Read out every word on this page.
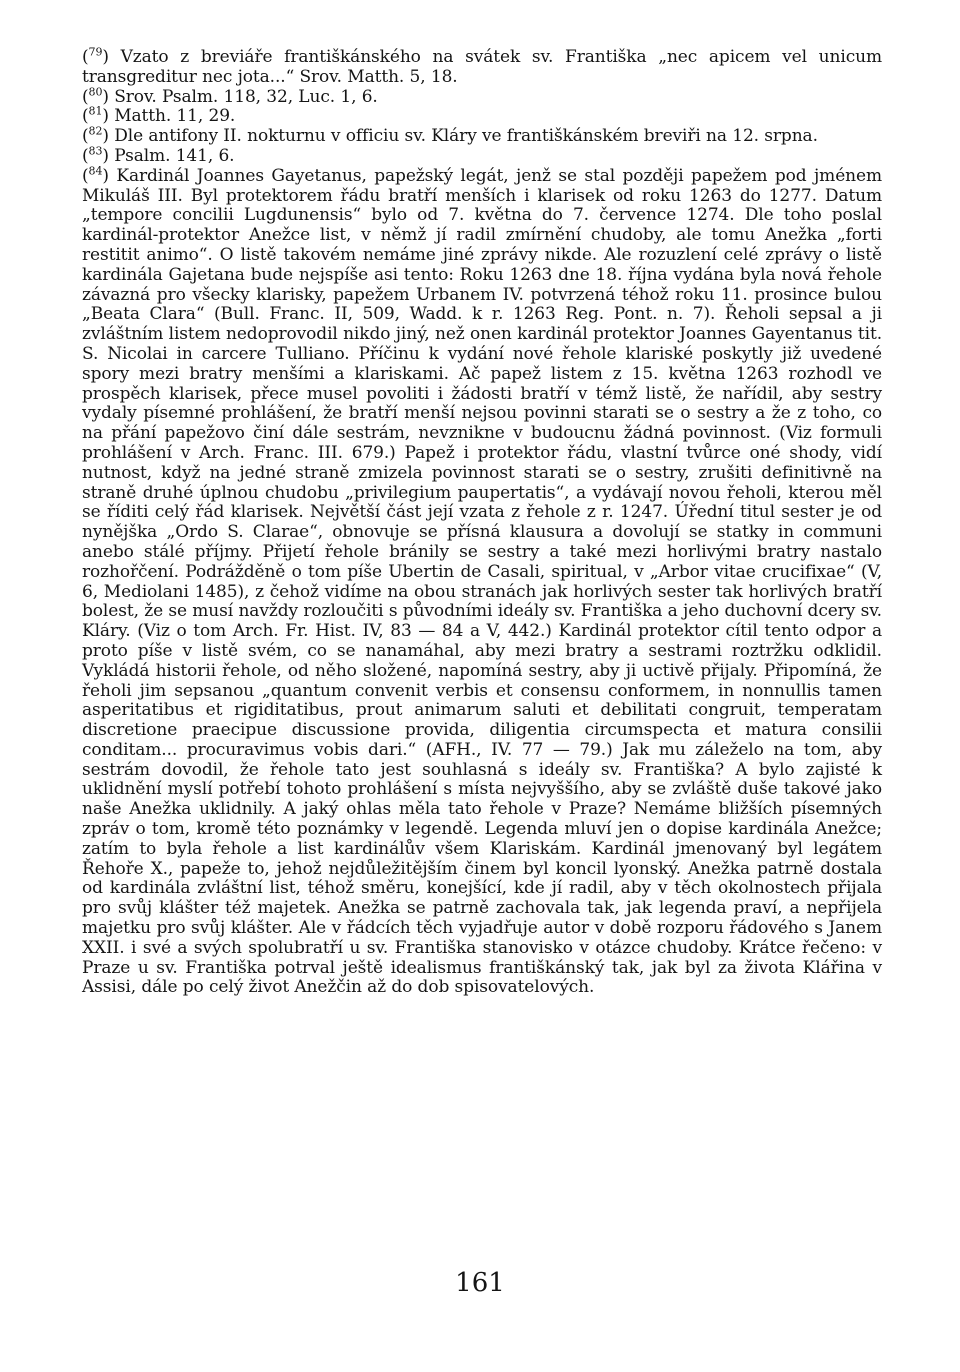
($^{79}$) Vzato z breviáře františkánského na svátek sv. Františka „nec apicem vel unicum transgreditur nec jota...“ Srov. Matth. 5, 18.

($^{80}$) Srov. Psalm. 118, 32, Luc. 1, 6.

($^{81}$) Matth. 11, 29.

($^{82}$) Dle antifony II. nokturnu v officiu sv. Kláry ve františkánském breviři na 12. srpna.

($^{83}$) Psalm. 141, 6.

($^{84}$) Kardinál Joannes Gayetanus, papežský legát, jenž se stal později papežem pod jménem Mikuláš III. Byl protektorem řádu bratří menších i klarisek od roku 1263 do 1277. Datum „tempore concilii Lugdunensis“ bylo od 7. května do 7. července 1274. Dle toho poslal kardinál-protektor Anežce list, v němž jí radil zmírnění chudoby, ale tomu Anežka „forti restitit animo“. O listě takovém nemáme jiné zprávy nikde. Ale rozuzlení celé zprávy o listě kardinála Gajetana bude nejspíše asi tento: Roku 1263 dne 18. října vydána byla nová řehole závazná pro všecky klarisky, papežem Urbanem IV. potvrzená téhož roku 11. prosince bulou „Beata Clara“ (Bull. Franc. II, 509, Wadd. k r. 1263 Reg. Pont. n. 7). Řeholi sepsal a ji zvláštním listem nedoprovodil nikdo jiný, než onen kardinál protektor Joannes Gayentanus tit. S. Nicolai in carcere Tulliano. Příčinu k vydání nové řehole klariské poskytly již uvedené spory mezi bratry menšími a klariskami. Ač papež listem z 15. května 1263 rozhodl ve prospěch klarisek, přece musel povoliti i žádosti bratří v témž listě, že nařídil, aby sestry vydaly písemné prohlášení, že bratří menší nejsou povinni starati se o sestry a že z toho, co na přání papežovo činí dále sestrám, nevznikne v budoucnu žádná povinnost. (Viz formuli prohlášení v Arch. Franc. III. 679.) Papež i protektor řádu, vlastní tvůrce oné shody, vidí nutnost, když na jedné straně zmizela povinnost starati se o sestry, zrušiti definitivně na straně druhé úplnou chudobu „privilegium paupertatis“, a vydávají novou řeholi, kterou měl se říditi celý řád klarisek. Největší část její vzata z řehole z r. 1247. Úřední titul sester je od nynějška „Ordo S. Clarae“, obnovuje se přísná klausura a dovolují se statky in communi anebo stálé příjmy. Přijetí řehole bránily se sestry a také mezi horlivými bratry nastalo rozhořčení. Podrážděně o tom píše Ubertin de Casali, spiritual, v „Arbor vitae crucifixae“ (V, 6, Mediolani 1485), z čehož vidíme na obou stranách jak horlivých sester tak horlivých bratří bolest, že se musí navždy rozloučiti s původními ideály sv. Františka a jeho duchovní dcery sv. Kláry. (Viz o tom Arch. Fr. Hist. IV, 83 — 84 a V, 442.) Kardinál protektor cítil tento odpor a proto píše v listě svém, co se nanamáhal, aby mezi bratry a sestrami roztržku odklidil. Vykládá historii řehole, od něho složené, napomíná sestry, aby ji uctivě přijaly. Připomíná, že řeholi jim sepsanou „quantum convenit verbis et consensu conformem, in nonnullis tamen asperitatibus et rigiditatibus, prout animarum saluti et debilitati congruit, temperatam discretione praecipue discussione provida, diligentia circumspecta et matura consilii conditam... procuravimus vobis dari.“ (AFH., IV. 77 — 79.) Jak mu záleželo na tom, aby sestrám dovodil, že řehole tato jest souhlasná s ideály sv. Františka? A bylo zajisté k uklidnění myslí potřebí tohoto prohlášení s místa nejvyššího, aby se zvláště duše takové jako naše Anežka uklidnily. A jaký ohlas měla tato řehole v Praze? Nemáme bližších písemných zpráv o tom, kromě této poznámky v legendě. Legenda mluví jen o dopise kardinála Anežce; zatím to byla řehole a list kardinálův všem Klariskám. Kardinál jmenovaný byl legátem Řehoře X., papeže to, jehož nejdůležitějším činem byl koncil lyonský. Anežka patrně dostala od kardinála zvláštní list, téhož směru, konejšící, kde jí radil, aby v těch okolnostech přijala pro svůj klášter též majetek. Anežka se patrně zachovala tak, jak legenda praví, a nepřijela majetku pro svůj klášter. Ale v řádcích těch vyjadřuje autor v době rozporu řádového s Janem XXII. i své a svých spolubratří u sv. Františka stanovisko v otázce chudoby. Krátce řečeno: v Praze u sv. Františka potrval ještě idealismus františkánský tak, jak byl za života Klářina v Assisi, dále po celý život Anežčin až do dob spisovatelových.

161
